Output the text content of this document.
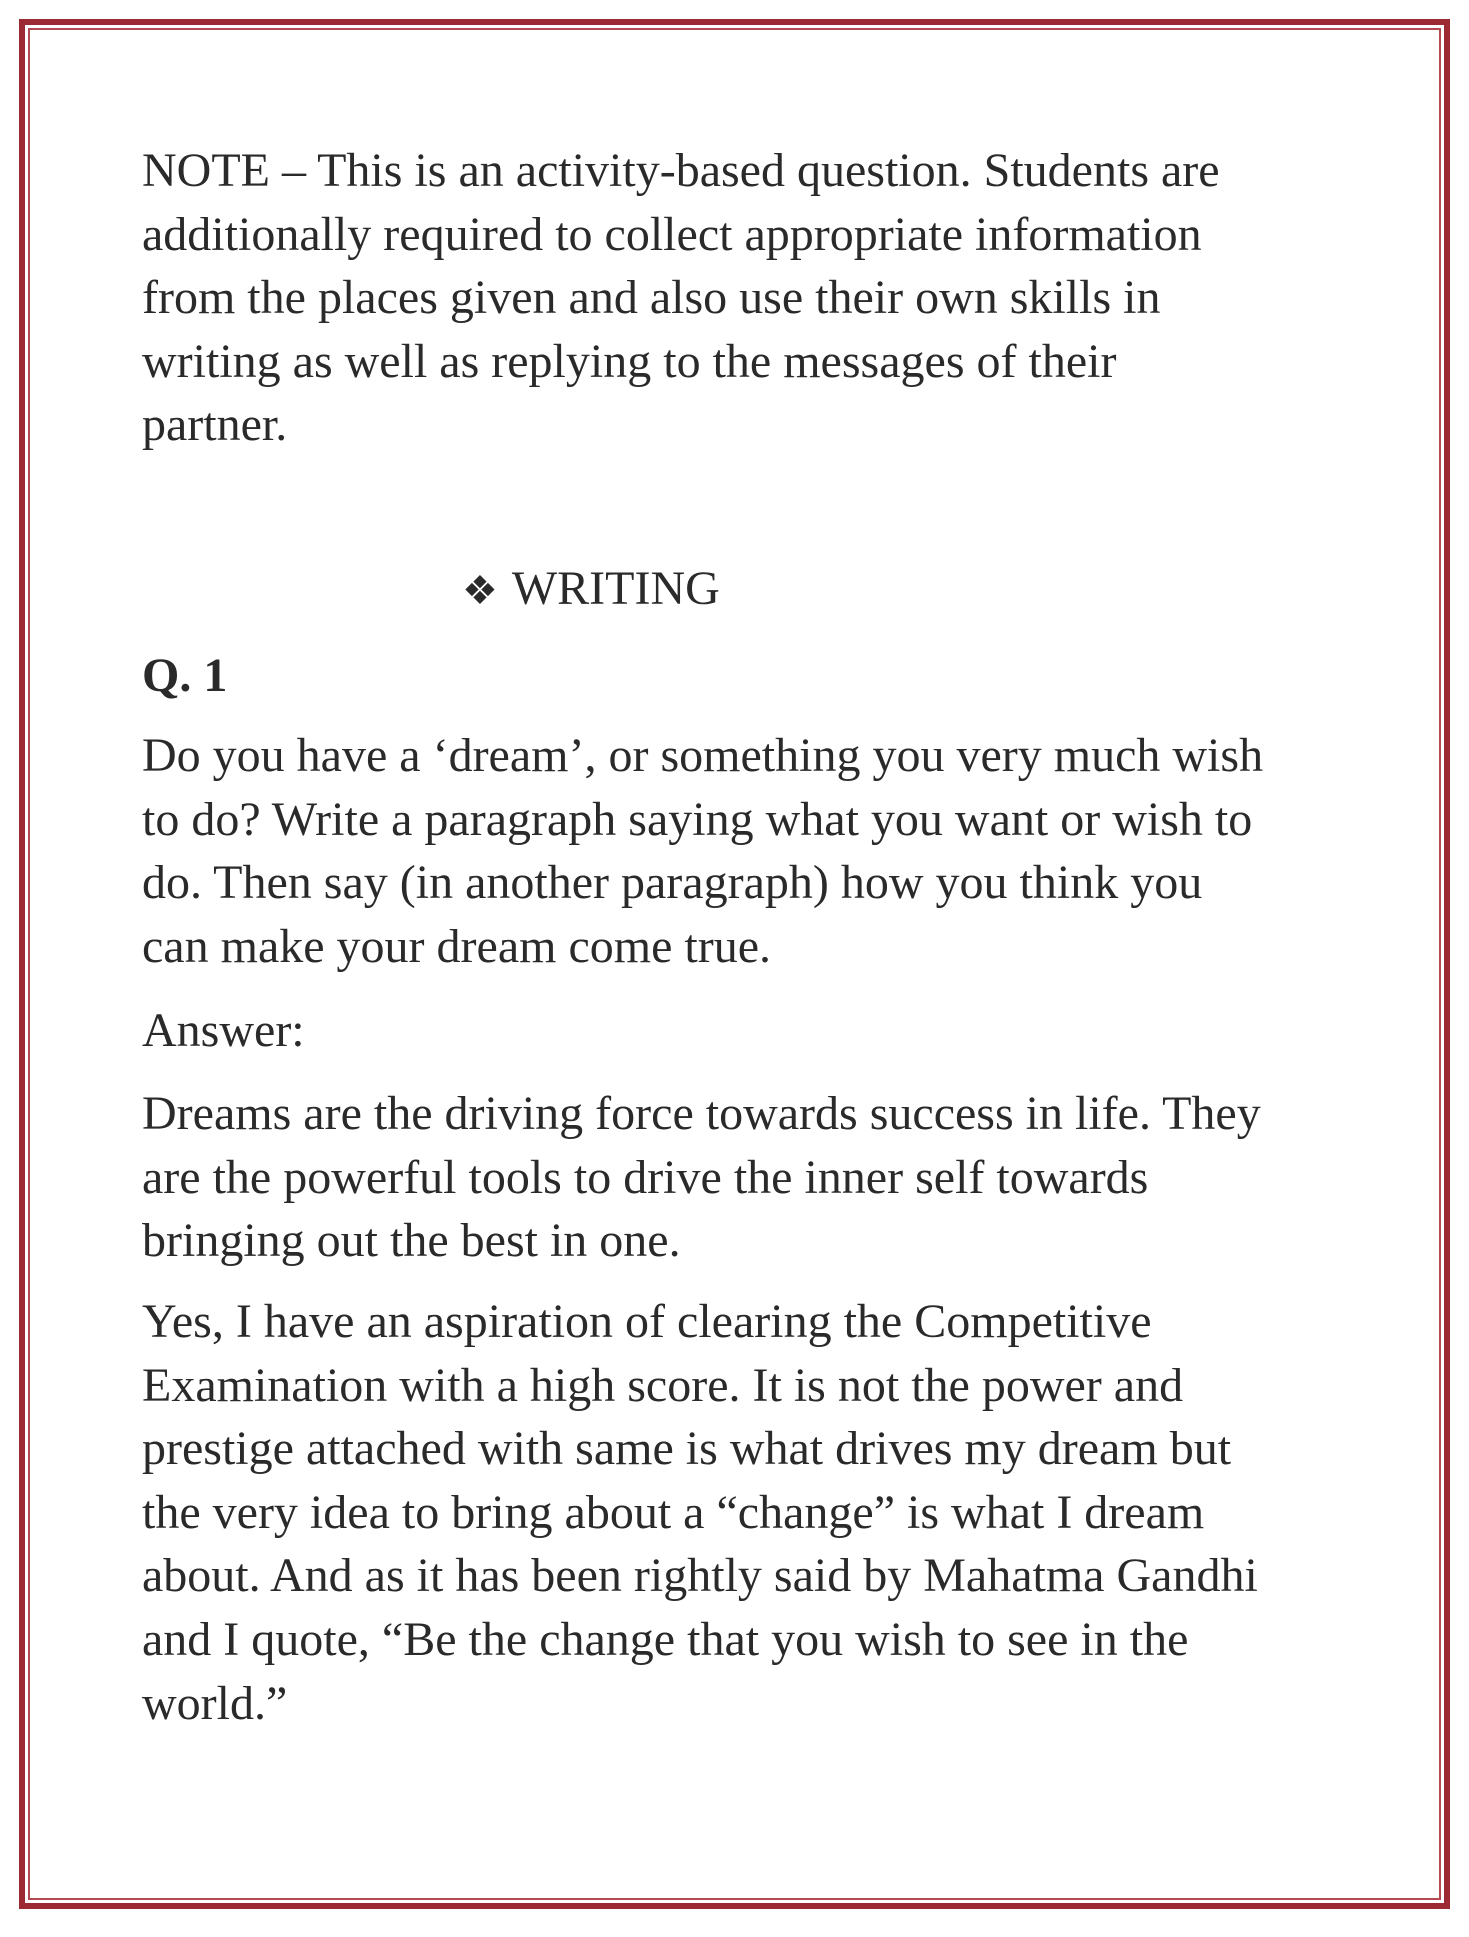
NOTE – This is an activity-based question. Students are
additionally required to collect appropriate information
from the places given and also use their own skills in
writing as well as replying to the messages of their
partner.
❖ WRITING
Q. 1
Do you have a ‘dream’, or something you very much wish
to do? Write a paragraph saying what you want or wish to
do. Then say (in another paragraph) how you think you
can make your dream come true.
Answer:
Dreams are the driving force towards success in life. They
are the powerful tools to drive the inner self towards
bringing out the best in one.
Yes, I have an aspiration of clearing the Competitive
Examination with a high score. It is not the power and
prestige attached with same is what drives my dream but
the very idea to bring about a “change” is what I dream
about. And as it has been rightly said by Mahatma Gandhi
and I quote, “Be the change that you wish to see in the
world.”
